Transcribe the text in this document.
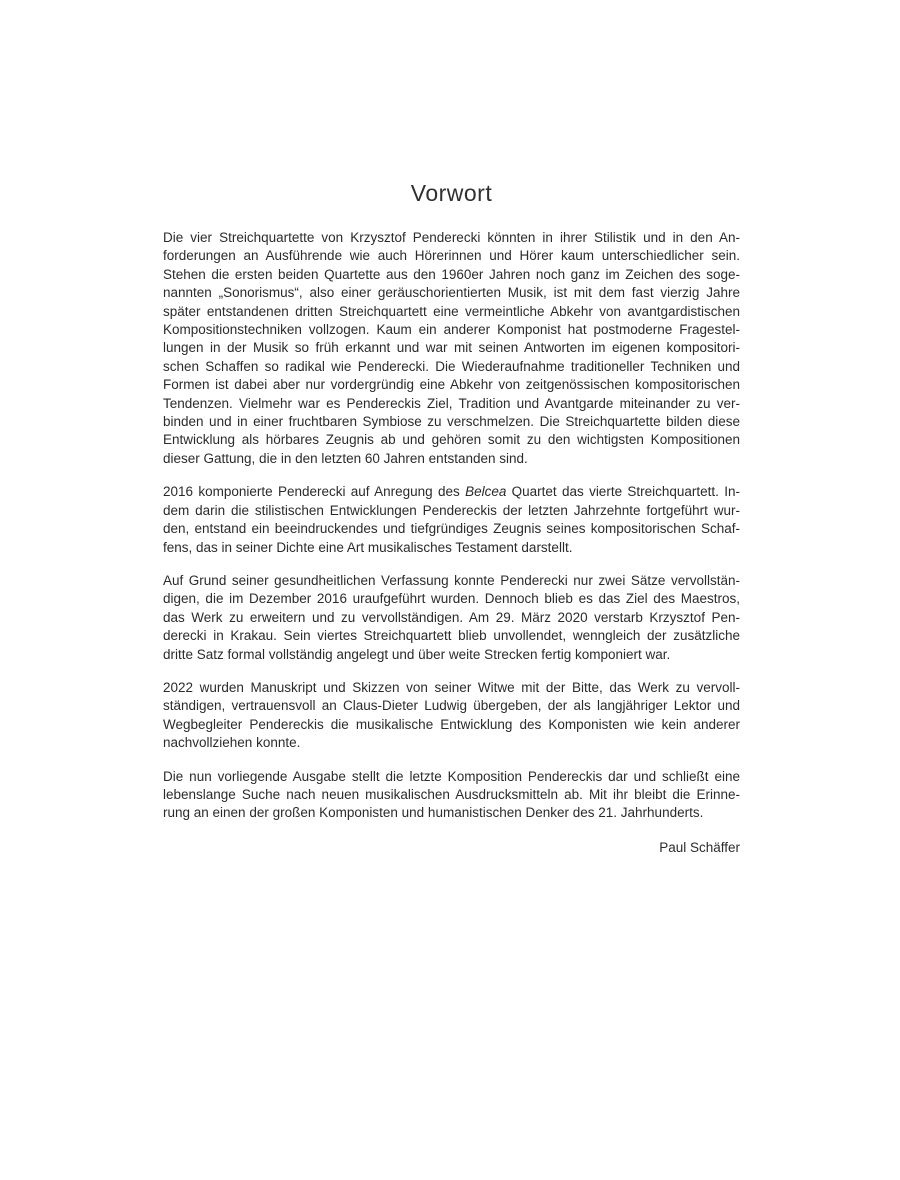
Vorwort
Die vier Streichquartette von Krzysztof Penderecki könnten in ihrer Stilistik und in den An-
forderungen an Ausführende wie auch Hörerinnen und Hörer kaum unterschiedlicher sein.
Stehen die ersten beiden Quartette aus den 1960er Jahren noch ganz im Zeichen des soge-
nannten „Sonorismus“, also einer geräuschorientierten Musik, ist mit dem fast vierzig Jahre
später entstandenen dritten Streichquartett eine vermeintliche Abkehr von avantgardistischen
Kompositionstechniken vollzogen. Kaum ein anderer Komponist hat postmoderne Fragestel-
lungen in der Musik so früh erkannt und war mit seinen Antworten im eigenen kompositori-
schen Schaffen so radikal wie Penderecki. Die Wiederaufnahme traditioneller Techniken und
Formen ist dabei aber nur vordergründig eine Abkehr von zeitgenössischen kompositorischen
Tendenzen. Vielmehr war es Pendereckis Ziel, Tradition und Avantgarde miteinander zu ver-
binden und in einer fruchtbaren Symbiose zu verschmelzen. Die Streichquartette bilden diese
Entwicklung als hörbares Zeugnis ab und gehören somit zu den wichtigsten Kompositionen
dieser Gattung, die in den letzten 60 Jahren entstanden sind.
2016 komponierte Penderecki auf Anregung des Belcea Quartet das vierte Streichquartett. In-
dem darin die stilistischen Entwicklungen Pendereckis der letzten Jahrzehnte fortgeführt wur-
den, entstand ein beeindruckendes und tiefgründiges Zeugnis seines kompositorischen Schaf-
fens, das in seiner Dichte eine Art musikalisches Testament darstellt.
Auf Grund seiner gesundheitlichen Verfassung konnte Penderecki nur zwei Sätze vervollstän-
digen, die im Dezember 2016 uraufgeführt wurden. Dennoch blieb es das Ziel des Maestros,
das Werk zu erweitern und zu vervollständigen. Am 29. März 2020 verstarb Krzysztof Pen-
derecki in Krakau. Sein viertes Streichquartett blieb unvollendet, wenngleich der zusätzliche
dritte Satz formal vollständig angelegt und über weite Strecken fertig komponiert war.
2022 wurden Manuskript und Skizzen von seiner Witwe mit der Bitte, das Werk zu vervoll-
ständigen, vertrauensvoll an Claus-Dieter Ludwig übergeben, der als langjähriger Lektor und
Wegbegleiter Pendereckis die musikalische Entwicklung des Komponisten wie kein anderer
nachvollziehen konnte.
Die nun vorliegende Ausgabe stellt die letzte Komposition Pendereckis dar und schließt eine
lebenslange Suche nach neuen musikalischen Ausdrucksmitteln ab. Mit ihr bleibt die Erinne-
rung an einen der großen Komponisten und humanistischen Denker des 21. Jahrhunderts.
Paul Schäffer
